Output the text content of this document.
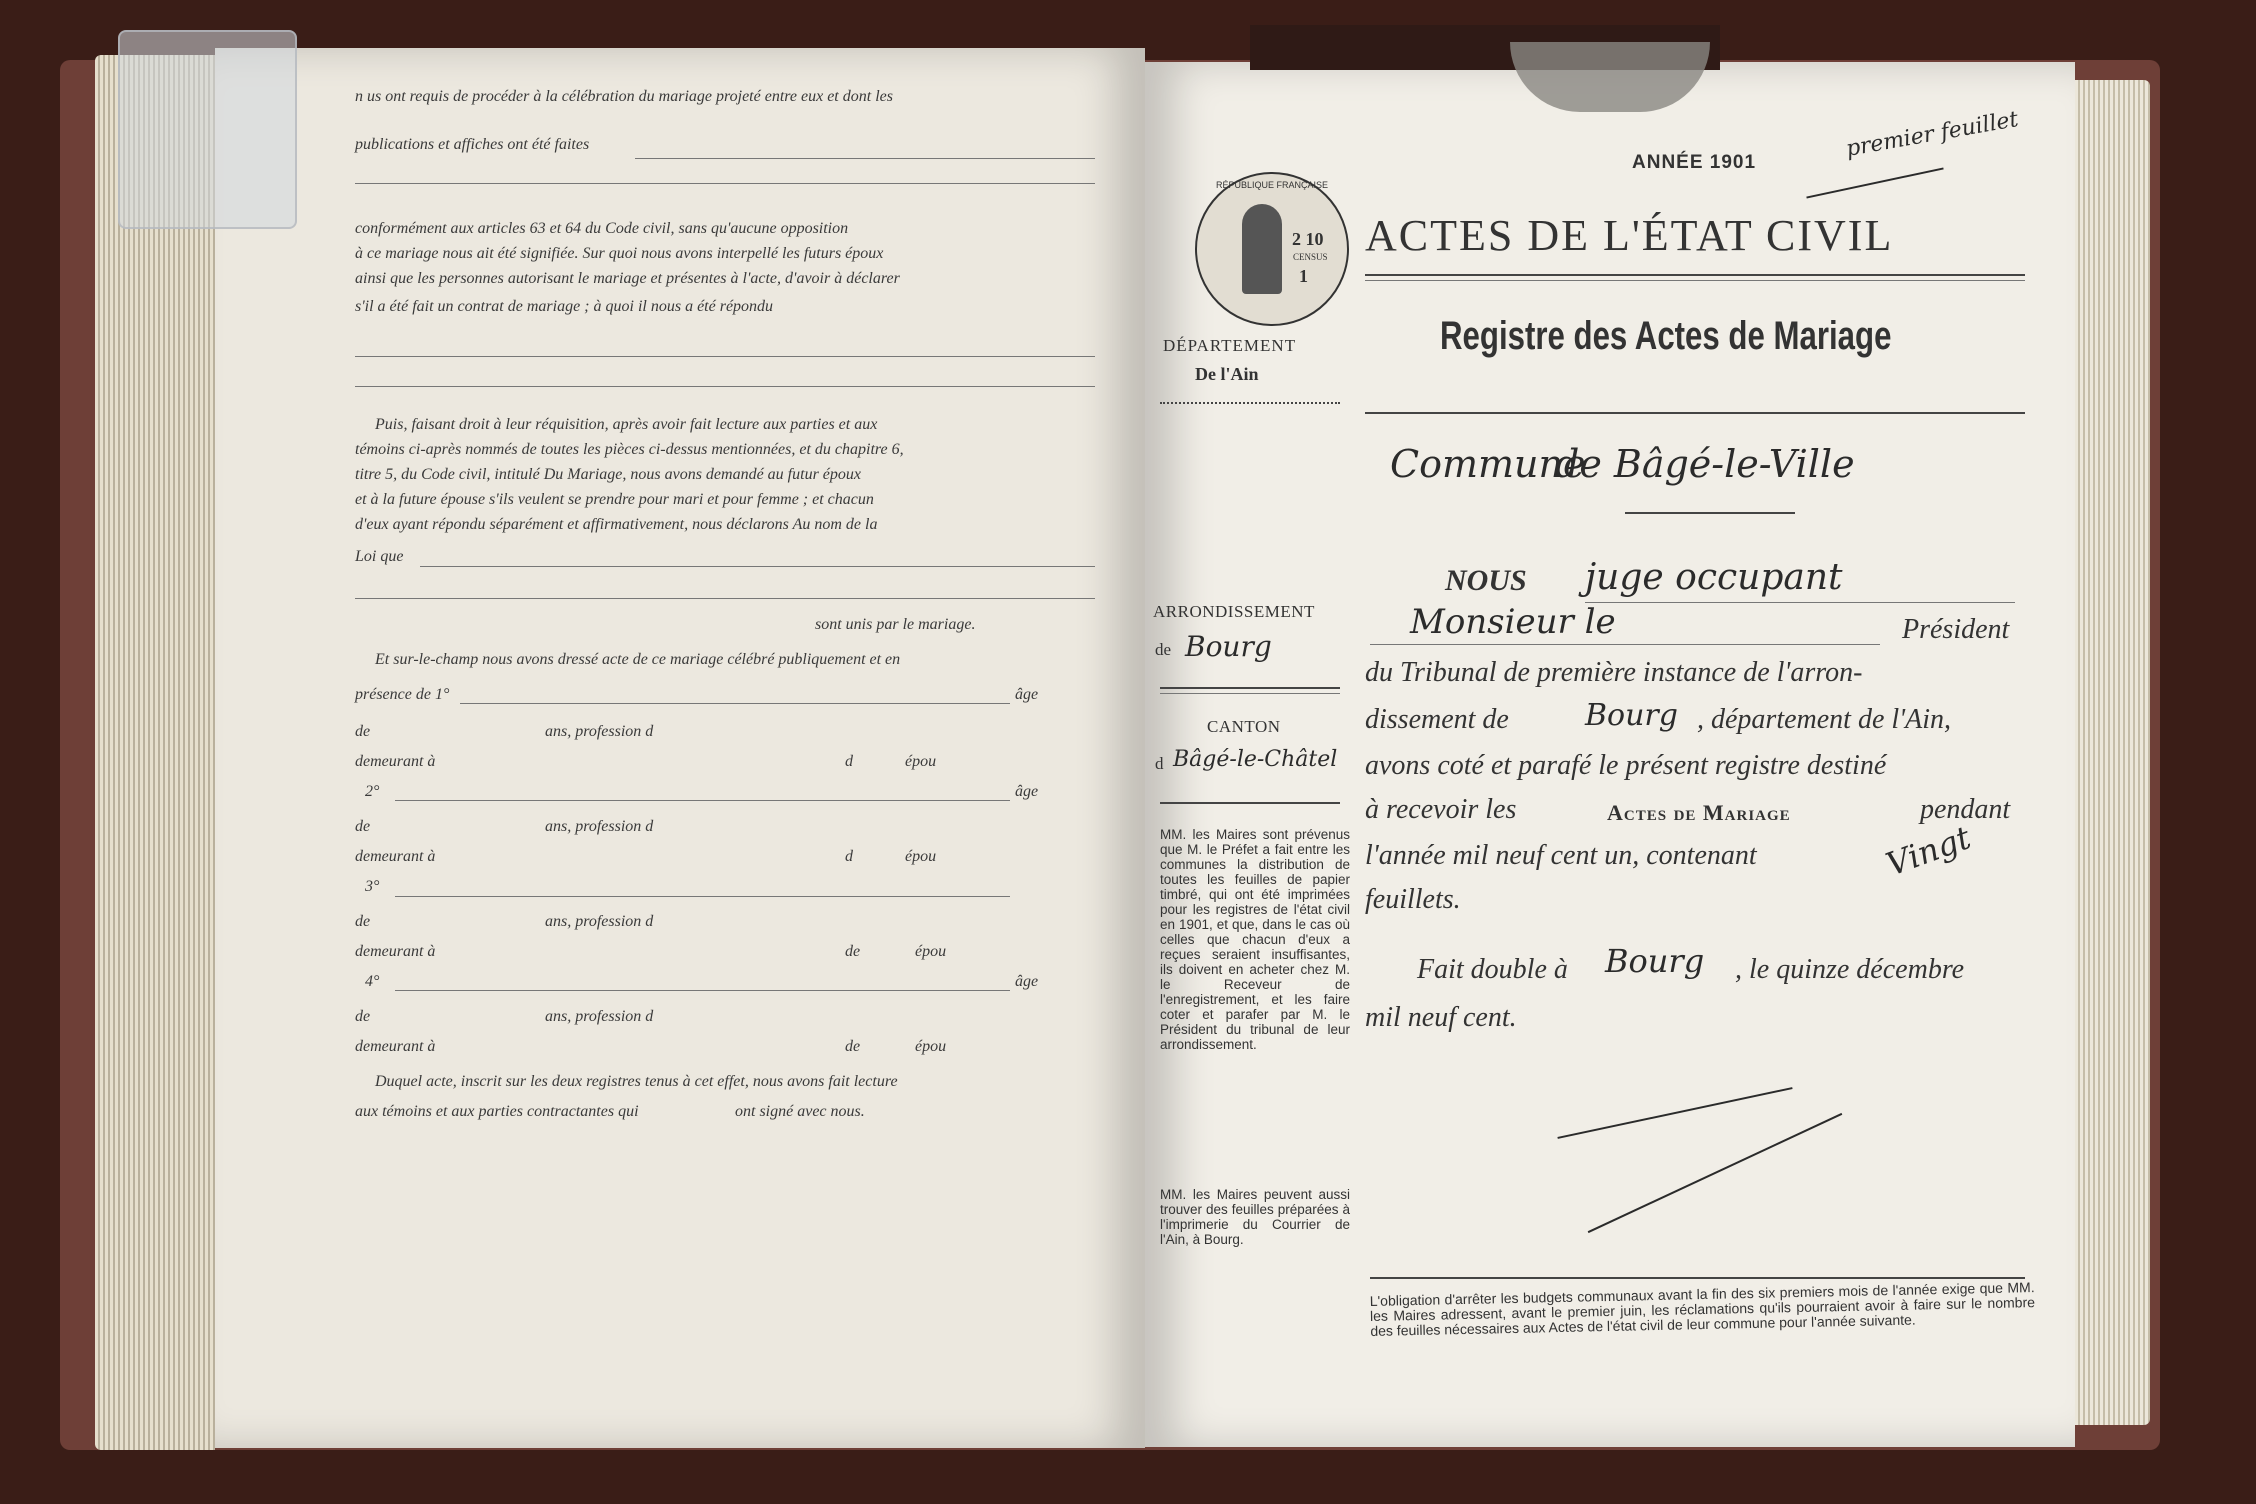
n us ont requis de procéder à la célébration du mariage projeté entre eux et dont les
publications et affiches ont été faites
conformément aux articles 63 et 64 du Code civil, sans qu'aucune opposition
à ce mariage nous ait été signifiée. Sur quoi nous avons interpellé les futurs époux
ainsi que les personnes autorisant le mariage et présentes à l'acte, d'avoir à déclarer
s'il a été fait un contrat de mariage ; à quoi il nous a été répondu
Puis, faisant droit à leur réquisition, après avoir fait lecture aux parties et aux
témoins ci-après nommés de toutes les pièces ci-dessus mentionnées, et du chapitre 6,
titre 5, du Code civil, intitulé Du Mariage, nous avons demandé au futur époux
et à la future épouse s'ils veulent se prendre pour mari et pour femme ; et chacun
d'eux ayant répondu séparément et affirmativement, nous déclarons Au nom de la
Loi que
sont unis par le mariage.
Et sur-le-champ nous avons dressé acte de ce mariage célébré publiquement et en
présence de 1°	âge
de	ans, profession d
demeurant à	d	épou
2°	âge
de	ans, profession d
demeurant à	d	épou
3°
de	ans, profession d
demeurant à	de	épou
4°	âge
de	ans, profession d
demeurant à	de	épou
Duquel acte, inscrit sur les deux registres tenus à cet effet, nous avons fait lecture
aux témoins et aux parties contractantes qui	ont signé avec nous.
ANNÉE 1901
premier feuillet
RÉPUBLIQUE FRANÇAISE
2 10
CENSUS
1
ACTES DE L'ÉTAT CIVIL
Registre des Actes de Mariage
DÉPARTEMENT
De l'Ain
Commune
de Bâgé-le-Ville
ARRONDISSEMENT
de Bourg
CANTON
d Bâgé-le-Châtel
MM. les Maires sont prévenus que M. le Préfet a fait entre les communes la distribution de toutes les feuilles de papier timbré, qui ont été imprimées pour les registres de l'état civil en 1901, et que, dans le cas où celles que chacun d'eux a reçues seraient insuffisantes, ils doivent en acheter chez M. le Receveur de l'enregistrement, et les faire coter et parafer par M. le Président du tribunal de leur arrondissement.
MM. les Maires peuvent aussi trouver des feuilles préparées à l'imprimerie du Courrier de l'Ain, à Bourg.
NOUS juge occupant
Monsieur le	Président
du Tribunal de première instance de l'arron-
dissement de	Bourg , département de l'Ain,
avons coté et parafé le présent registre destiné
à recevoir les	Actes de Mariage	pendant
l'année mil neuf cent un, contenant	Vingt
feuillets.
Fait double à Bourg , le quinze décembre
mil neuf cent.
L'obligation d'arrêter les budgets communaux avant la fin des six premiers mois de l'année exige que MM. les Maires adressent, avant le premier juin, les réclamations qu'ils pourraient avoir à faire sur le nombre des feuilles nécessaires aux Actes de l'état civil de leur commune pour l'année suivante.
